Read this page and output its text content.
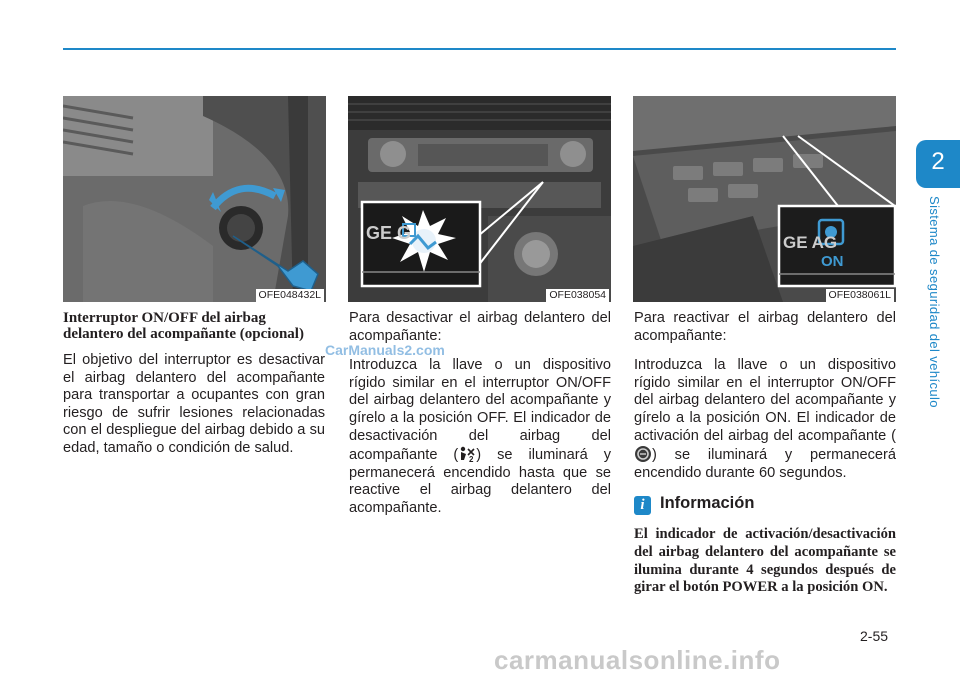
2
Sistema de seguridad del vehículo
OFE048432L
GE G
OFE038054
GE AG
ON
OFE038061L
Interruptor ON/OFF del airbag delantero del acompañante (opcional)

El objetivo del interruptor es desactivar el airbag delantero del acompañante para transportar a ocupantes con gran riesgo de sufrir lesiones relacionadas con el despliegue del airbag debido a su edad, tamaño o condición de salud.

Para desactivar el airbag delantero del acompañante:

Introduzca la llave o un dispositivo rígido similar en el interruptor ON/OFF del airbag delantero del acompañante y gírelo a la posición OFF. El indicador de desactivación del airbag del acompañante ( 2 ) se iluminará y permanecerá encendido hasta que se reactive el airbag delantero del acompañante.

Para reactivar el airbag delantero del acompañante:

Introduzca la llave o un dispositivo rígido similar en el interruptor ON/OFF del airbag delantero del acompañante y gírelo a la posición ON. El indicador de activación del airbag del acompañante () se iluminará y permanecerá encendido durante 60 segundos.

i Información

El indicador de activación/desactivación del airbag delantero del acompañante se ilumina durante 4 segundos después de girar el botón POWER a la posición ON.

2-55
CarManuals2.com
carmanualsonline.info
